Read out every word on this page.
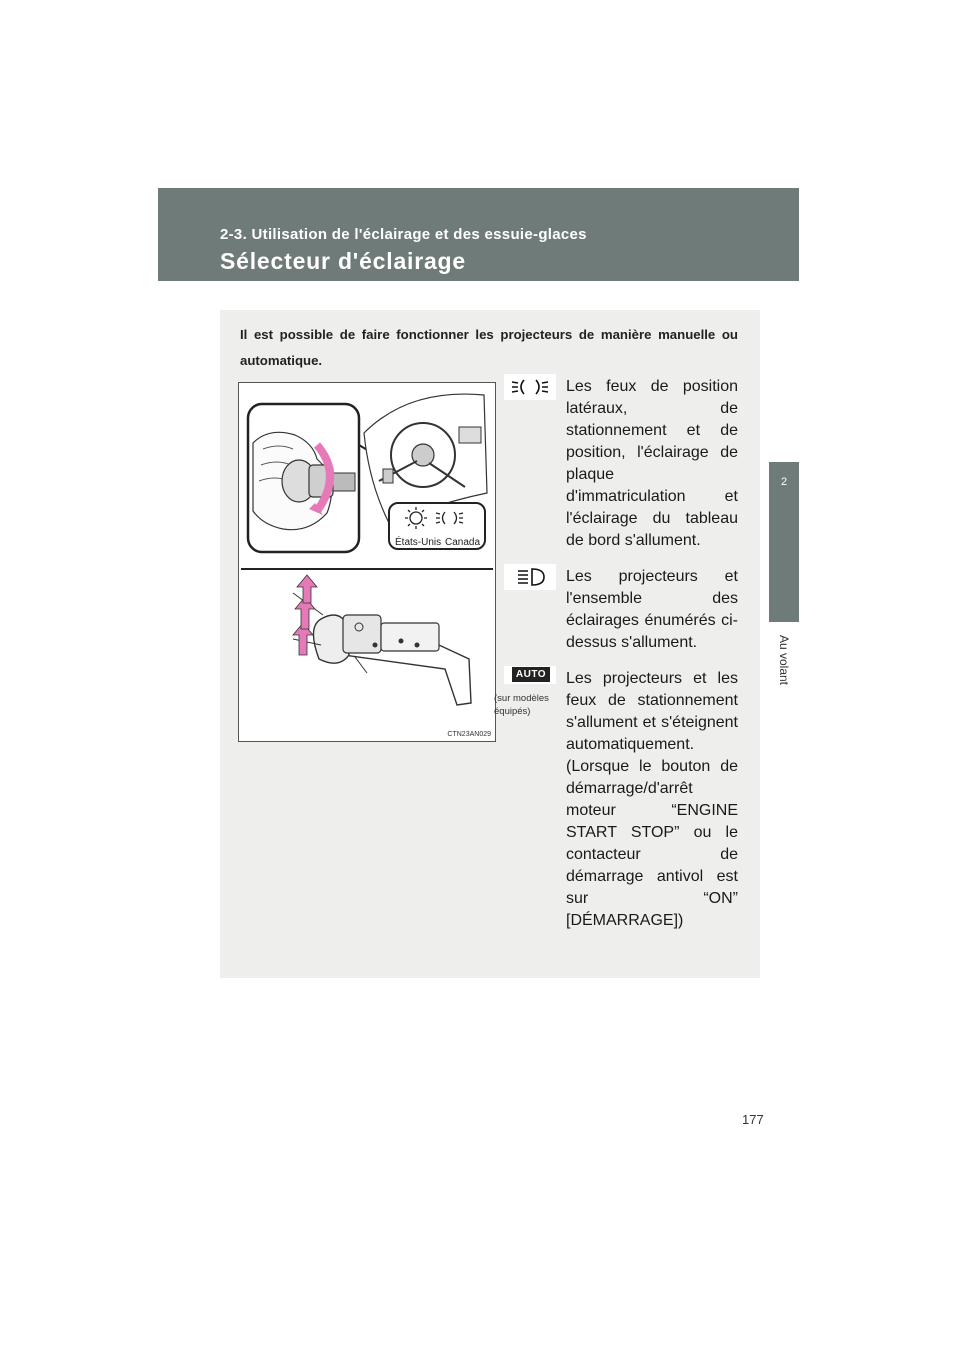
2-3. Utilisation de l'éclairage et des essuie-glaces
Sélecteur d'éclairage
2
Au volant
Il est possible de faire fonctionner les projecteurs de manière manuelle ou automatique.
États-Unis Canada
CTN23AN029
Les feux de position latéraux, de stationnement et de position, l'éclairage de plaque d'immatriculation et l'éclairage du tableau de bord s'allument.
Les projecteurs et l'ensemble des éclairages énumérés ci-dessus s'allument.
AUTO
(sur modèles équipés)
Les projecteurs et les feux de stationnement s'allument et s'éteignent automatiquement. (Lorsque le bouton de démarrage/d'arrêt moteur “ENGINE START STOP” ou le contacteur de démarrage antivol est sur “ON” [DÉMARRAGE])
177
